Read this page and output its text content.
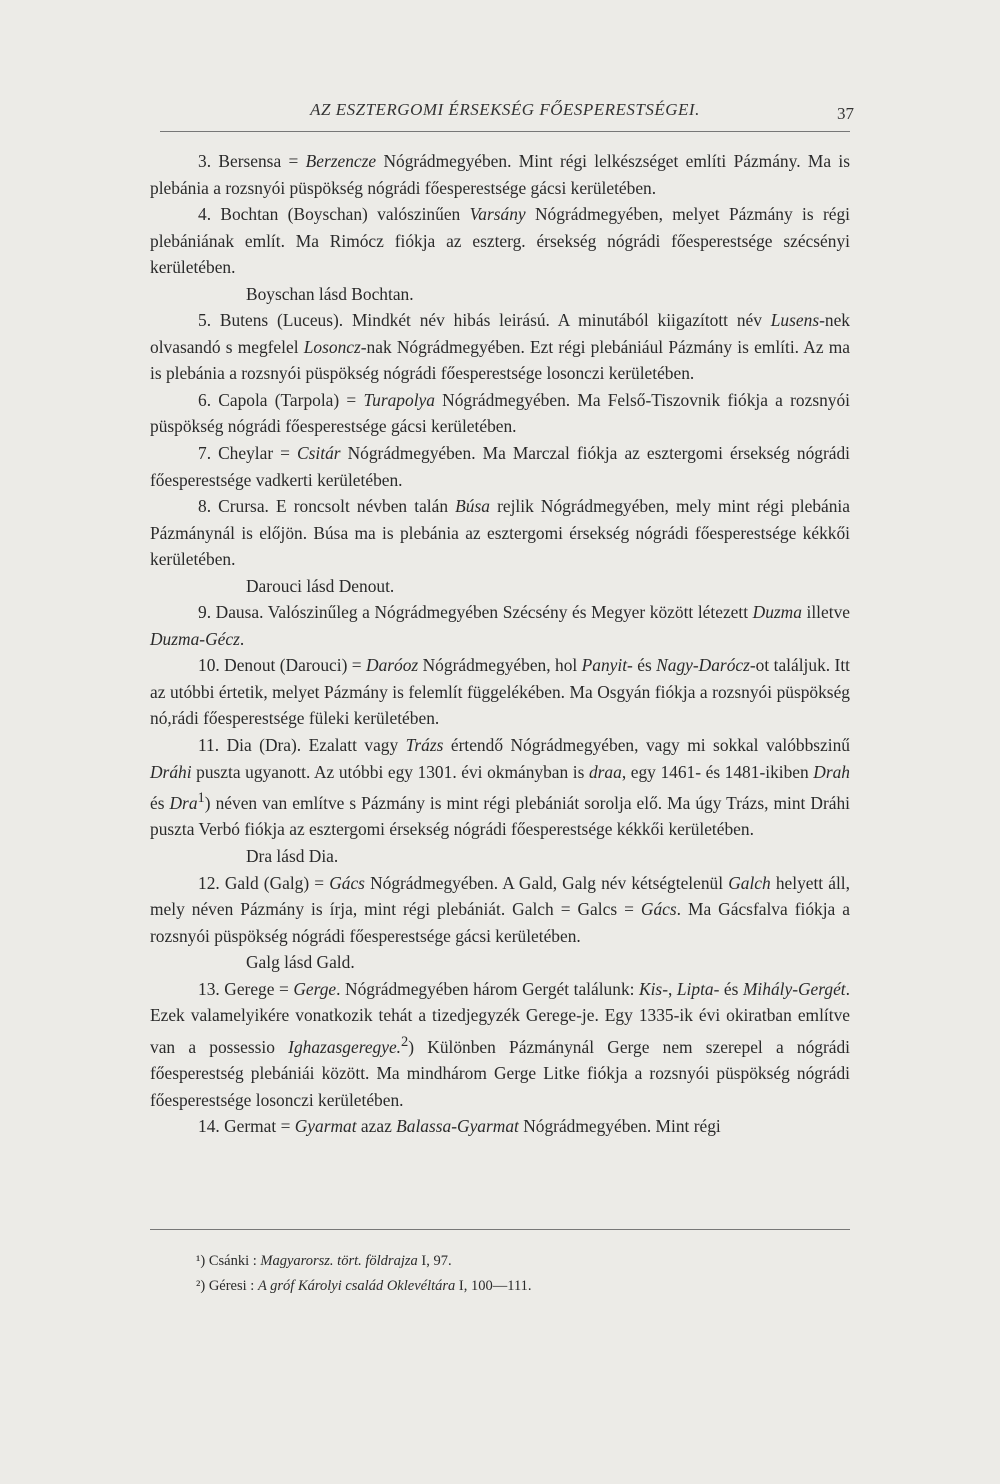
AZ ESZTERGOMI ÉRSEKSÉG FŐESPERESTSÉGEI.	37

3. Bersensa = Berzencze Nógrádmegyében. Mint régi lelkészséget említi Pázmány. Ma is plebánia a rozsnyói püspökség nógrádi főesperestsége gácsi kerületében.

4. Bochtan (Boyschan) valószinűen Varsány Nógrádmegyében, melyet Pázmány is régi plebániának említ. Ma Rimócz fiókja az eszterg. érsekség nógrádi főesperestsége szécsényi kerületében.

Boyschan lásd Bochtan.

5. Butens (Luceus). Mindkét név hibás leirású. A minutából kiigazított név Lusens-nek olvasandó s megfelel Losoncz-nak Nógrádmegyében. Ezt régi plebániául Pázmány is említi. Az ma is plebánia a rozsnyói püspökség nógrádi főesperestsége losonczi kerületében.

6. Capola (Tarpola) = Turapolya Nógrádmegyében. Ma Felső-Tiszovnik fiókja a rozsnyói püspökség nógrádi főesperestsége gácsi kerületében.

7. Cheylar = Csitár Nógrádmegyében. Ma Marczal fiókja az esztergomi érsekség nógrádi főesperestsége vadkerti kerületében.

8. Crursa. E roncsolt névben talán Búsa rejlik Nógrádmegyében, mely mint régi plebánia Pázmánynál is előjön. Búsa ma is plebánia az esztergomi érsekség nógrádi főesperestsége kékkői kerületében.

Darouci lásd Denout.

9. Dausa. Valószinűleg a Nógrádmegyében Szécsény és Megyer között létezett Duzma illetve Duzma-Gécz.

10. Denout (Darouci) = Daróoz Nógrádmegyében, hol Panyit- és Nagy-Darócz-ot találjuk. Itt az utóbbi értetik, melyet Pázmány is felemlít függelékében. Ma Osgyán fiókja a rozsnyói püspökség nó,rádi főesperestsége füleki kerületében.

11. Dia (Dra). Ezalatt vagy Trázs értendő Nógrádmegyében, vagy mi sokkal valóbbszinű Dráhi puszta ugyanott. Az utóbbi egy 1301. évi okmányban is draa, egy 1461- és 1481-ikiben Drah és Dra$^1$) néven van említve s Pázmány is mint régi plebániát sorolja elő. Ma úgy Trázs, mint Dráhi puszta Verbó fiókja az esztergomi érsekség nógrádi főesperestsége kékkői kerületében.

Dra lásd Dia.

12. Gald (Galg) = Gács Nógrádmegyében. A Gald, Galg név kétségtelenül Galch helyett áll, mely néven Pázmány is írja, mint régi plebániát. Galch = Galcs = Gács. Ma Gácsfalva fiókja a rozsnyói püspökség nógrádi főesperestsége gácsi kerületében.

Galg lásd Gald.

13. Gerege = Gerge. Nógrádmegyében három Gergét találunk: Kis-, Lipta- és Mihály-Gergét. Ezek valamelyikére vonatkozik tehát a tizedjegyzék Gerege-je. Egy 1335-ik évi okiratban említve van a possessio Ighazasgeregye.$^2$) Különben Pázmánynál Gerge nem szerepel a nógrádi főesperestség plebániái között. Ma mindhárom Gerge Litke fiókja a rozsnyói püspökség nógrádi főesperestsége losonczi kerületében.

14. Germat = Gyarmat azaz Balassa-Gyarmat Nógrádmegyében. Mint régi

¹) Csánki : Magyarorsz. tört. földrajza I, 97.

²) Géresi : A gróf Károlyi család Oklevéltára I, 100—111.
